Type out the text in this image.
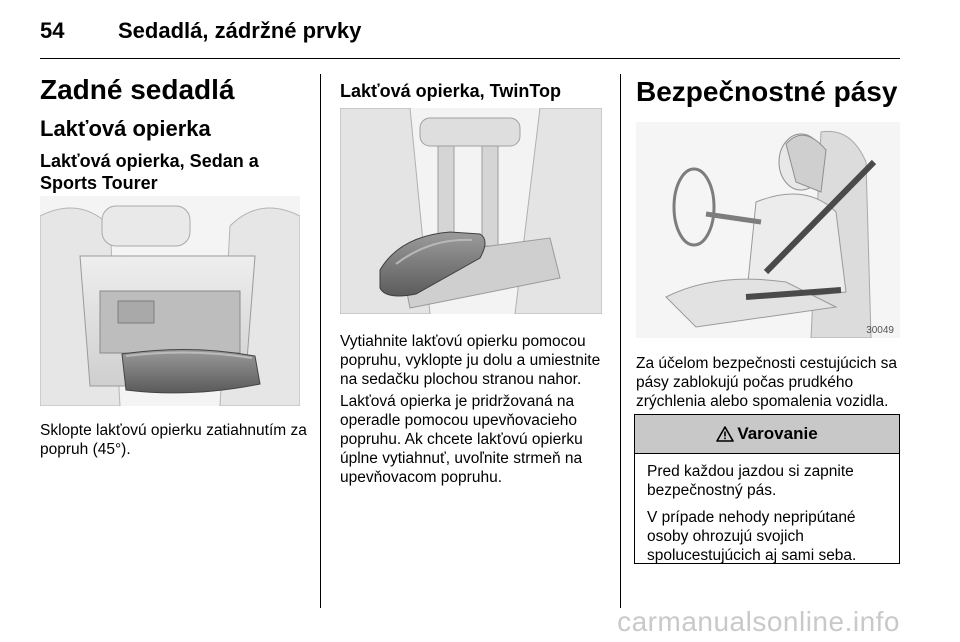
54 Sedadlá, zádržné prvky
Zadné sedadlá
Lakťová opierka
Lakťová opierka, Sedan a Sports Tourer

Sklopte lakťovú opierku zatiahnutím za popruh (45°).

Lakťová opierka, TwinTop

Vytiahnite lakťovú opierku pomocou popruhu, vyklopte ju dolu a umiestnite na sedačku plochou stranou nahor.

Lakťová opierka je pridržovaná na operadle pomocou upevňovacieho popruhu. Ak chcete lakťovú opierku úplne vytiahnuť, uvoľnite strmeň na upevňovacom popruhu.

Bezpečnostné pásy
30049

Za účelom bezpečnosti cestujúcich sa pásy zablokujú počas prudkého zrýchlenia alebo spomalenia vozidla.

Varovanie

Pred každou jazdou si zapnite bezpečnostný pás.

V prípade nehody nepripútané osoby ohrozujú svojich spolucestujúcich aj sami seba.

carmanualsonline.info
